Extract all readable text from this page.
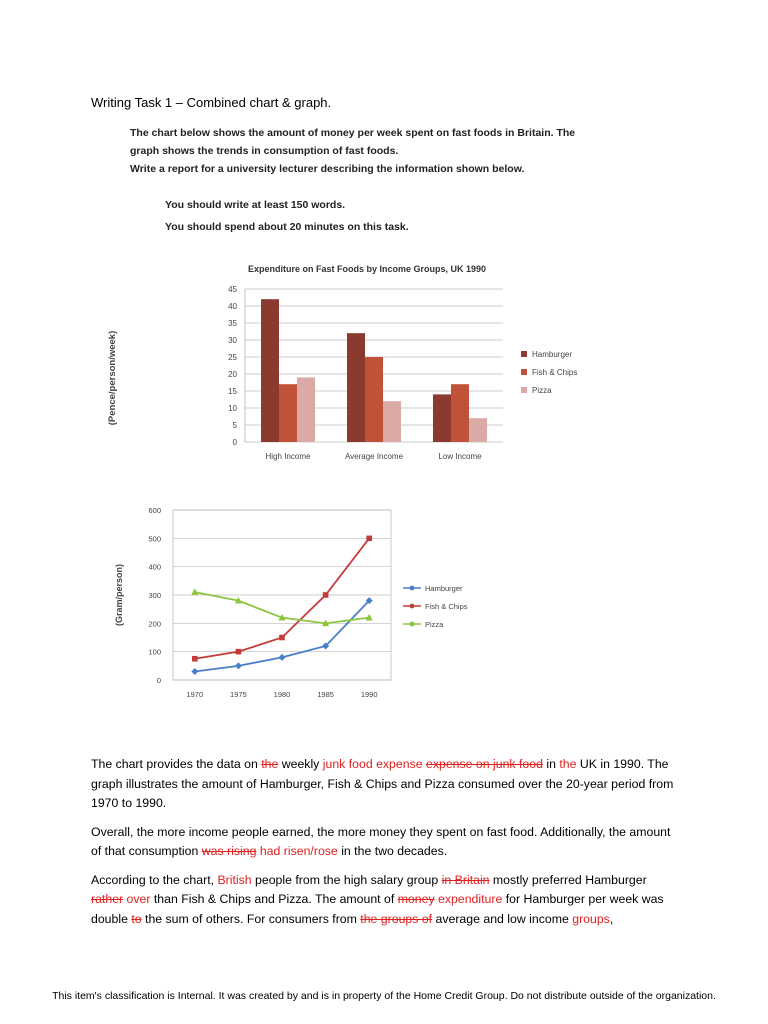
Writing Task 1 – Combined chart & graph.

The chart below shows the amount of money per week spent on fast foods in Britain. The

graph shows the trends in consumption of fast foods.

Write a report for a university lecturer describing the information shown below.

You should write at least 150 words.

You should spend about 20 minutes on this task.

Expenditure on Fast Foods by Income Groups, UK 1990
(Pence/person/week)
0
5
10
15
20
25
30
35
40
45
High Income	Average Income	Low Income
Hamburger
Fish & Chips
Pizza
(Gram/person)
0
100
200
300
400
500
600
1970	1975	1980	1985	1990
Hamburger
Fish & Chips
Pizza

The chart provides the data on the weekly junk food expense expense on junk food in the UK in 1990. The graph illustrates the amount of Hamburger, Fish & Chips and Pizza consumed over the 20-year period from 1970 to 1990.

Overall, the more income people earned, the more money they spent on fast food. Additionally, the amount of that consumption was rising had risen/rose in the two decades.

According to the chart, British people from the high salary group in Britain mostly preferred Hamburger rather over than Fish & Chips and Pizza. The amount of money expenditure for Hamburger per week was double to the sum of others. For consumers from the groups of average and low income groups,

This item's classification is Internal. It was created by and is in property of the Home Credit Group. Do not distribute outside of the organization.
